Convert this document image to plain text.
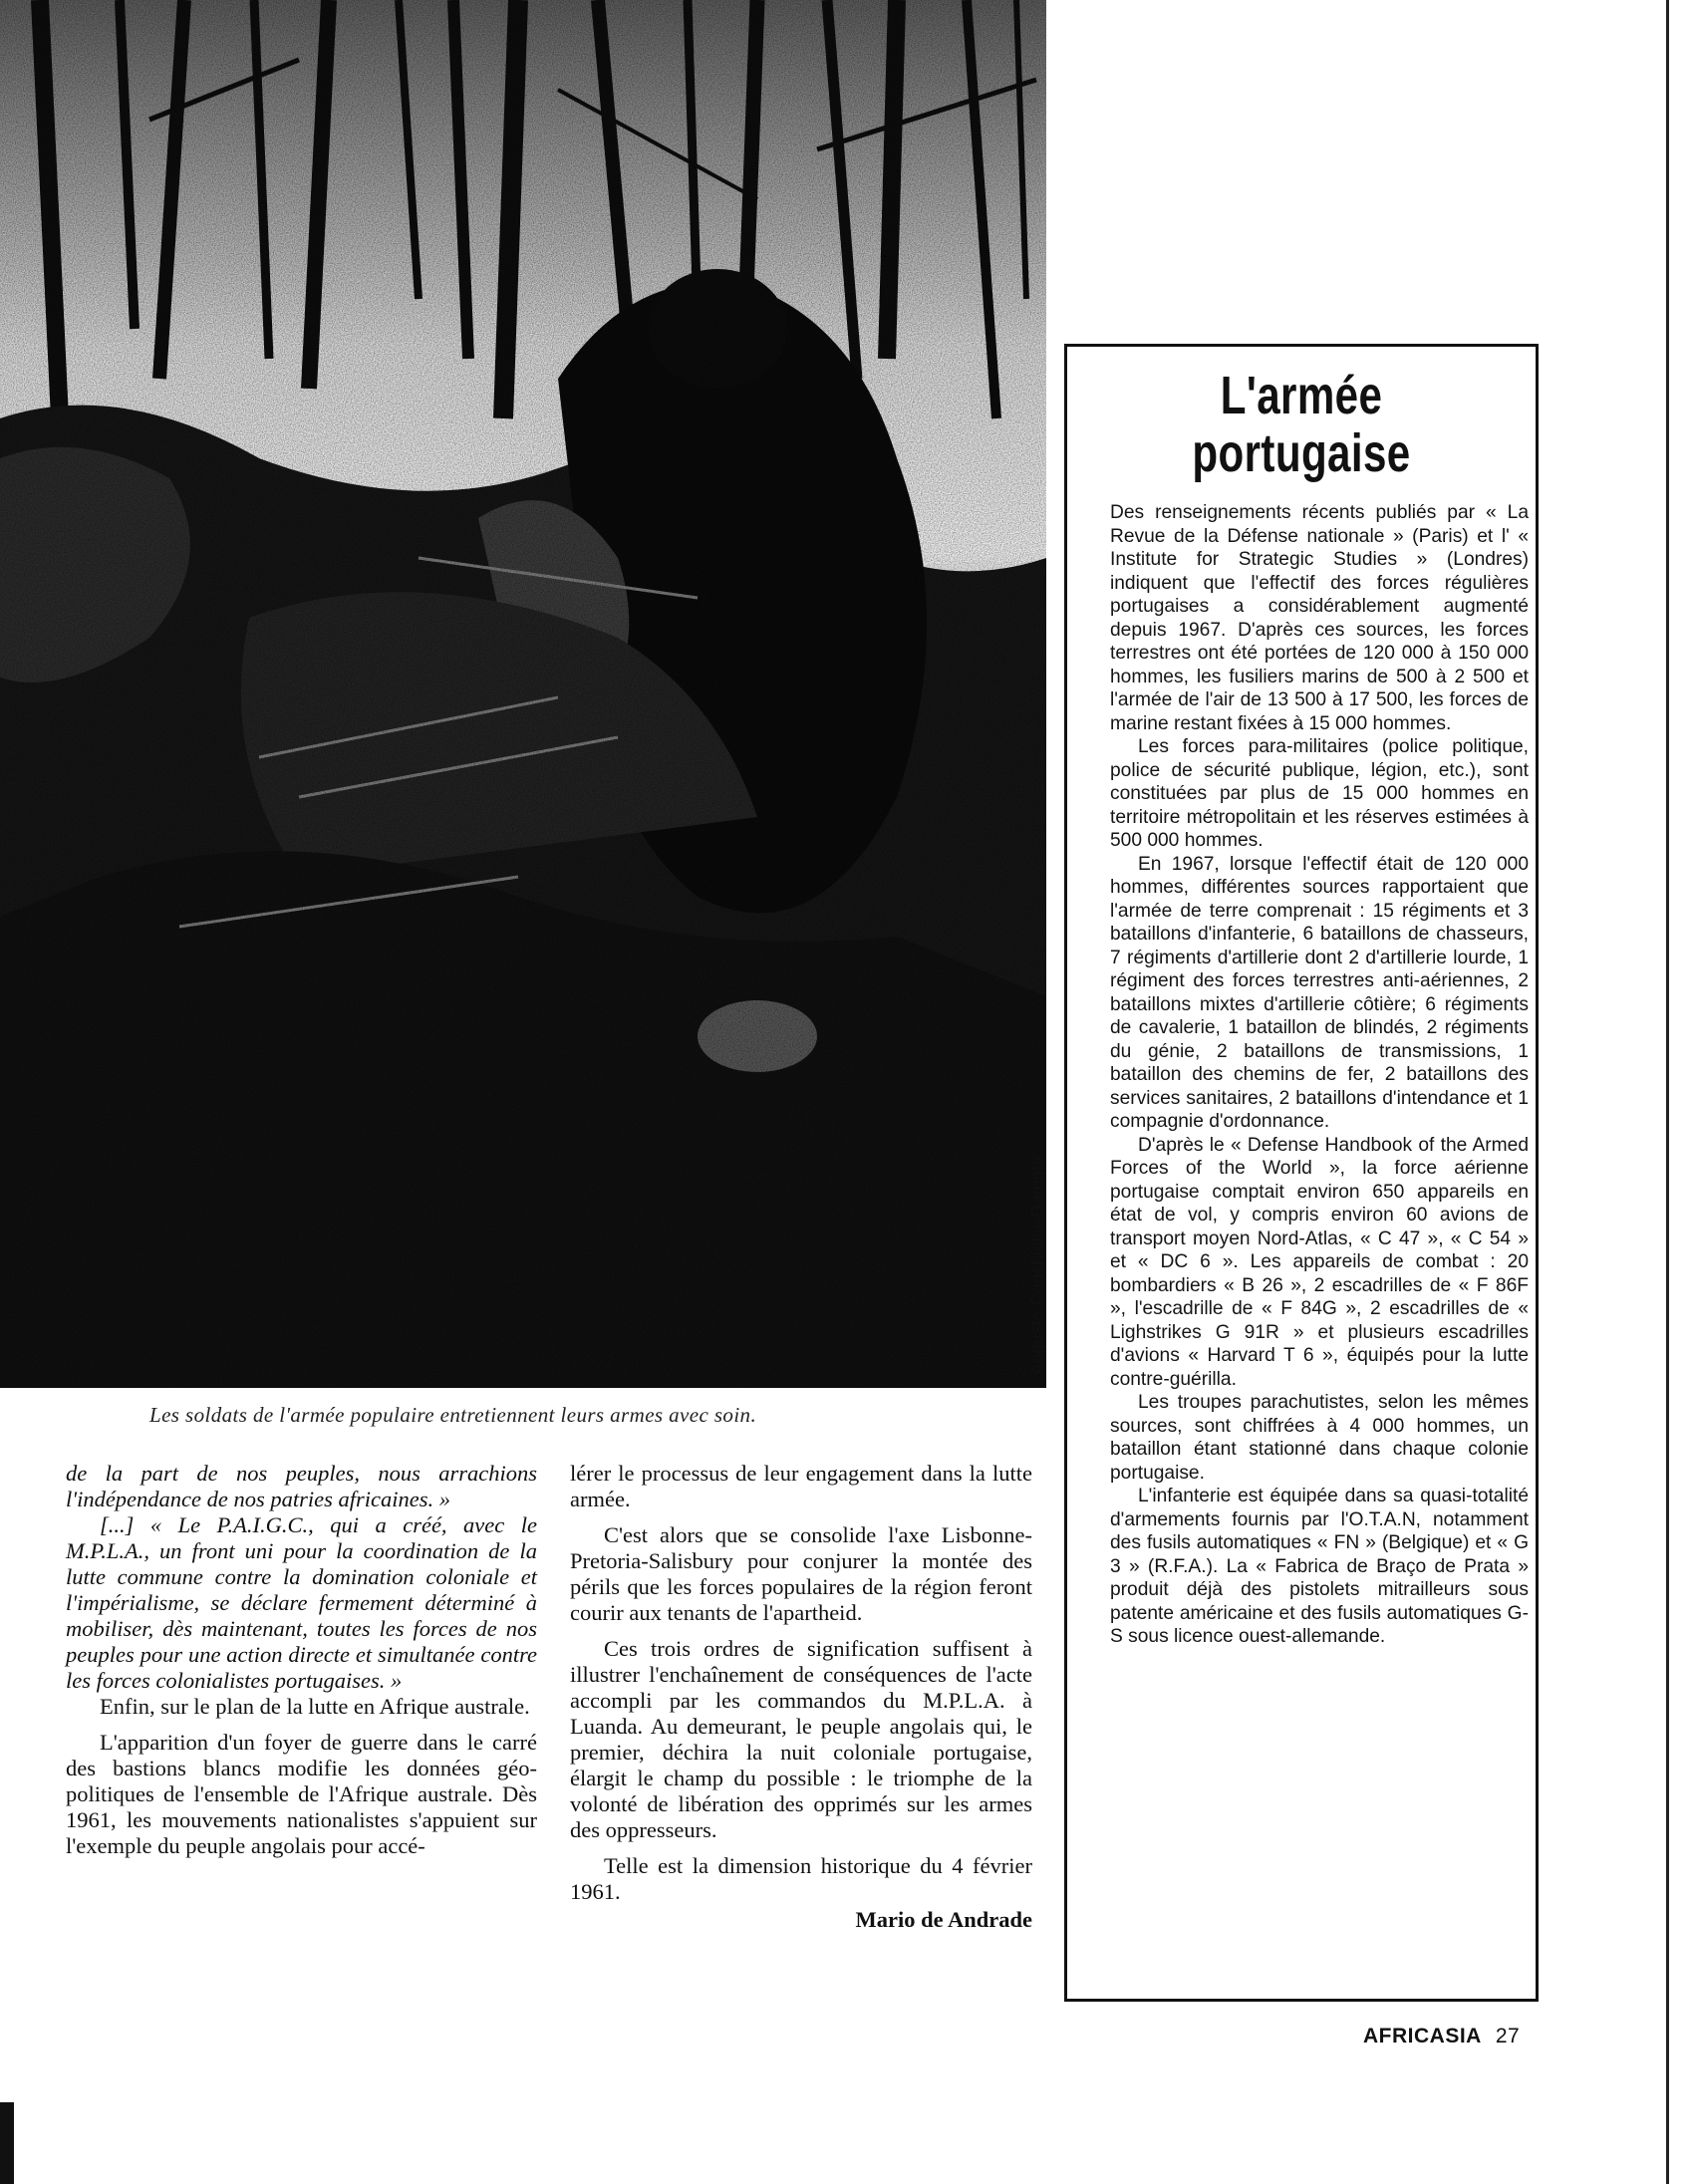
Augusta Conchiglia-Gamma
Les soldats de l'armée populaire entretiennent leurs armes avec soin.

de la part de nos peuples, nous arrachions l'indépendance de nos patries africaines. »

[...] « Le P.A.I.G.C., qui a créé, avec le M.P.L.A., un front uni pour la coordination de la lutte commune contre la domination coloniale et l'impérialisme, se déclare fermement déterminé à mobiliser, dès maintenant, toutes les forces de nos peuples pour une action directe et simultanée contre les forces colonialistes portugaises. »

Enfin, sur le plan de la lutte en Afrique australe.

L'apparition d'un foyer de guerre dans le carré des bastions blancs modifie les données géo-politiques de l'ensemble de l'Afrique australe. Dès 1961, les mouvements nationalistes s'appuient sur l'exemple du peuple angolais pour accé-

lérer le processus de leur engagement dans la lutte armée.

C'est alors que se consolide l'axe Lisbonne-Pretoria-Salisbury pour conjurer la montée des périls que les forces populaires de la région feront courir aux tenants de l'apartheid.

Ces trois ordres de signification suffisent à illustrer l'enchaînement de conséquences de l'acte accompli par les commandos du M.P.L.A. à Luanda. Au demeurant, le peuple angolais qui, le premier, déchira la nuit coloniale portugaise, élargit le champ du possible : le triomphe de la volonté de libération des opprimés sur les armes des oppresseurs.

Telle est la dimension historique du 4 février 1961.

Mario de Andrade
L'armée
portugaise

Des renseignements récents publiés par « La Revue de la Défense nationale » (Paris) et l' « Institute for Strategic Studies » (Londres) indiquent que l'effectif des forces régulières portugaises a considérablement augmenté depuis 1967. D'après ces sources, les forces terrestres ont été portées de 120 000 à 150 000 hommes, les fusiliers marins de 500 à 2 500 et l'armée de l'air de 13 500 à 17 500, les forces de marine restant fixées à 15 000 hommes.

Les forces para-militaires (police politique, police de sécurité publique, légion, etc.), sont constituées par plus de 15 000 hommes en territoire métropolitain et les réserves estimées à 500 000 hommes.

En 1967, lorsque l'effectif était de 120 000 hommes, différentes sources rapportaient que l'armée de terre comprenait : 15 régiments et 3 bataillons d'infanterie, 6 bataillons de chasseurs, 7 régiments d'artillerie dont 2 d'artillerie lourde, 1 régiment des forces terrestres anti-aériennes, 2 bataillons mixtes d'artillerie côtière; 6 régiments de cavalerie, 1 bataillon de blindés, 2 régiments du génie, 2 bataillons de transmissions, 1 bataillon des chemins de fer, 2 bataillons des services sanitaires, 2 bataillons d'intendance et 1 compagnie d'ordonnance.

D'après le « Defense Handbook of the Armed Forces of the World », la force aérienne portugaise comptait environ 650 appareils en état de vol, y compris environ 60 avions de transport moyen Nord-Atlas, « C 47 », « C 54 » et « DC 6 ». Les appareils de combat : 20 bombardiers « B 26 », 2 escadrilles de « F 86F », l'escadrille de « F 84G », 2 escadrilles de « Lighstrikes G 91R » et plusieurs escadrilles d'avions « Harvard T 6 », équipés pour la lutte contre-guérilla.

Les troupes parachutistes, selon les mêmes sources, sont chiffrées à 4 000 hommes, un bataillon étant stationné dans chaque colonie portugaise.

L'infanterie est équipée dans sa quasi-totalité d'armements fournis par l'O.T.A.N, notamment des fusils automatiques « FN » (Belgique) et « G 3 » (R.F.A.). La « Fabrica de Braço de Prata » produit déjà des pistolets mitrailleurs sous patente américaine et des fusils automatiques G-S sous licence ouest-allemande.

AFRICASIA 27
